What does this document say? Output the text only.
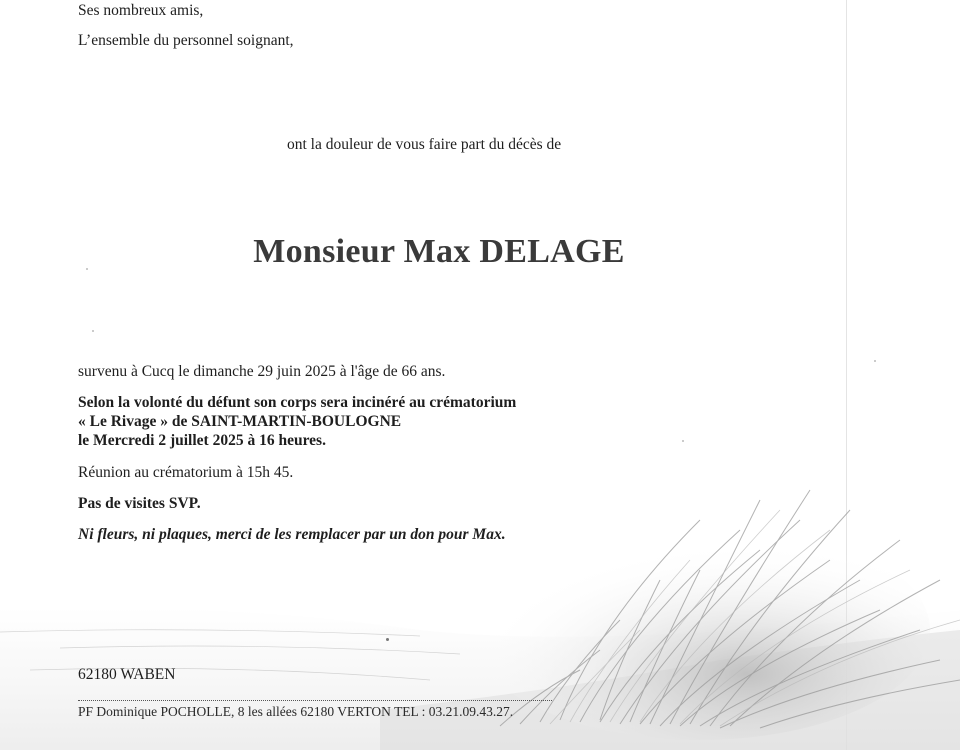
Ses nombreux amis,
L’ensemble du personnel soignant,
ont la douleur de vous faire part du décès de
Monsieur Max DELAGE
survenu à Cucq le dimanche 29 juin 2025 à l'âge de 66 ans.
Selon la volonté du défunt son corps sera incinéré au crématorium
« Le Rivage » de SAINT-MARTIN-BOULOGNE
le Mercredi 2 juillet 2025 à 16 heures.
Réunion au crématorium à 15h 45.
Pas de visites SVP.
Ni fleurs, ni plaques, merci de les remplacer par un don pour Max.
62180 WABEN
PF Dominique POCHOLLE, 8 les allées 62180 VERTON TEL : 03.21.09.43.27.
